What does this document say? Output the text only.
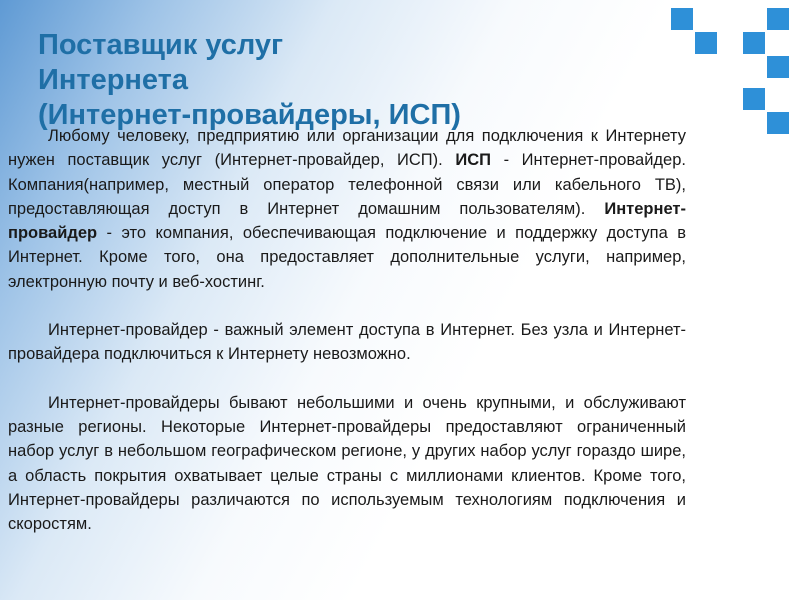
Поставщик услуг
Интернета
(Интернет-провайдеры, ИСП)

Любому человеку, предприятию или организации для подключения к Интернету нужен поставщик услуг (Интернет-провайдер, ИСП). ИСП - Интернет-провайдер. Компания(например, местный оператор телефонной связи или кабельного ТВ), предоставляющая доступ в Интернет домашним пользователям). Интернет-провайдер - это компания, обеспечивающая подключение и поддержку доступа в Интернет. Кроме того, она предоставляет дополнительные услуги, например, электронную почту и веб-хостинг.

Интернет-провайдер - важный элемент доступа в Интернет. Без узла и Интернет-провайдера подключиться к Интернету невозможно.

Интернет-провайдеры бывают небольшими и очень крупными, и обслуживают разные регионы. Некоторые Интернет-провайдеры предоставляют ограниченный набор услуг в небольшом географическом регионе, у других набор услуг гораздо шире, а область покрытия охватывает целые страны с миллионами клиентов. Кроме того, Интернет-провайдеры различаются по используемым технологиям подключения и скоростям.
